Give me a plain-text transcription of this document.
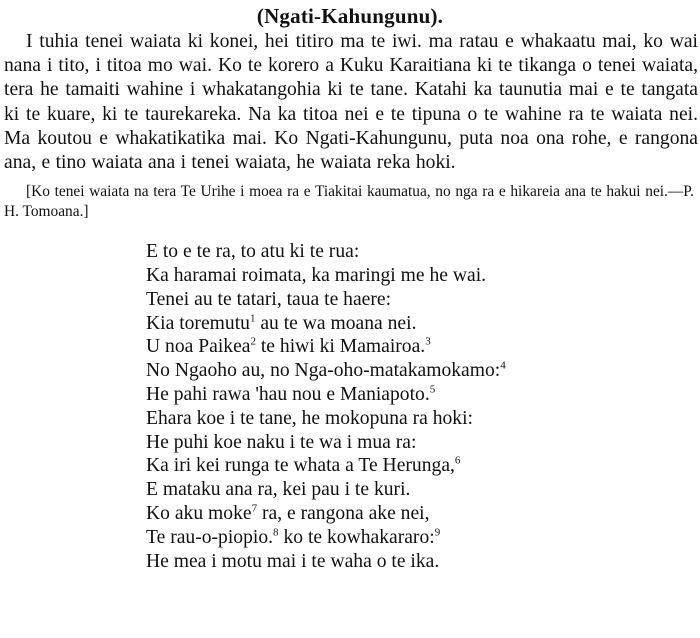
(Ngati-Kahungunu).

I tuhia tenei waiata ki konei, hei titiro ma te iwi. ma ratau e whakaatu mai, ko wai nana i tito, i titoa mo wai. Ko te korero a Kuku Karaitiana ki te tikanga o tenei waiata, tera he tamaiti wahine i whakatangohia ki te tane. Katahi ka taunutia mai e te tangata ki te kuare, ki te taurekareka. Na ka titoa nei e te tipuna o te wahine ra te waiata nei. Ma koutou e whakatikatika mai. Ko Ngati-Kahungunu, puta noa ona rohe, e rangona ana, e tino waiata ana i tenei waiata, he waiata reka hoki.

[Ko tenei waiata na tera Te Urihe i moea ra e Tiakitai kaumatua, no nga ra e hikareia ana te hakui nei.—P. H. Tomoana.]

E to e te ra, to atu ki te rua:
Ka haramai roimata, ka maringi me he wai.
Tenei au te tatari, taua te haere:
Kia toremutu$^1$ au te wa moana nei.
U noa Paikea$^2$ te hiwi ki Mamairoa.$^3$
No Ngaoho au, no Nga-oho-matakamokamo:$^4$
He pahi rawa 'hau nou e Maniapoto.$^5$
Ehara koe i te tane, he mokopuna ra hoki:
He puhi koe naku i te wa i mua ra:
Ka iri kei runga te whata a Te Herunga,$^6$
E mataku ana ra, kei pau i te kuri.
Ko aku moke$^7$ ra, e rangona ake nei,
Te rau-o-piopio.$^8$ ko te kowhakararo:$^9$
He mea i motu mai i te waha o te ika.
